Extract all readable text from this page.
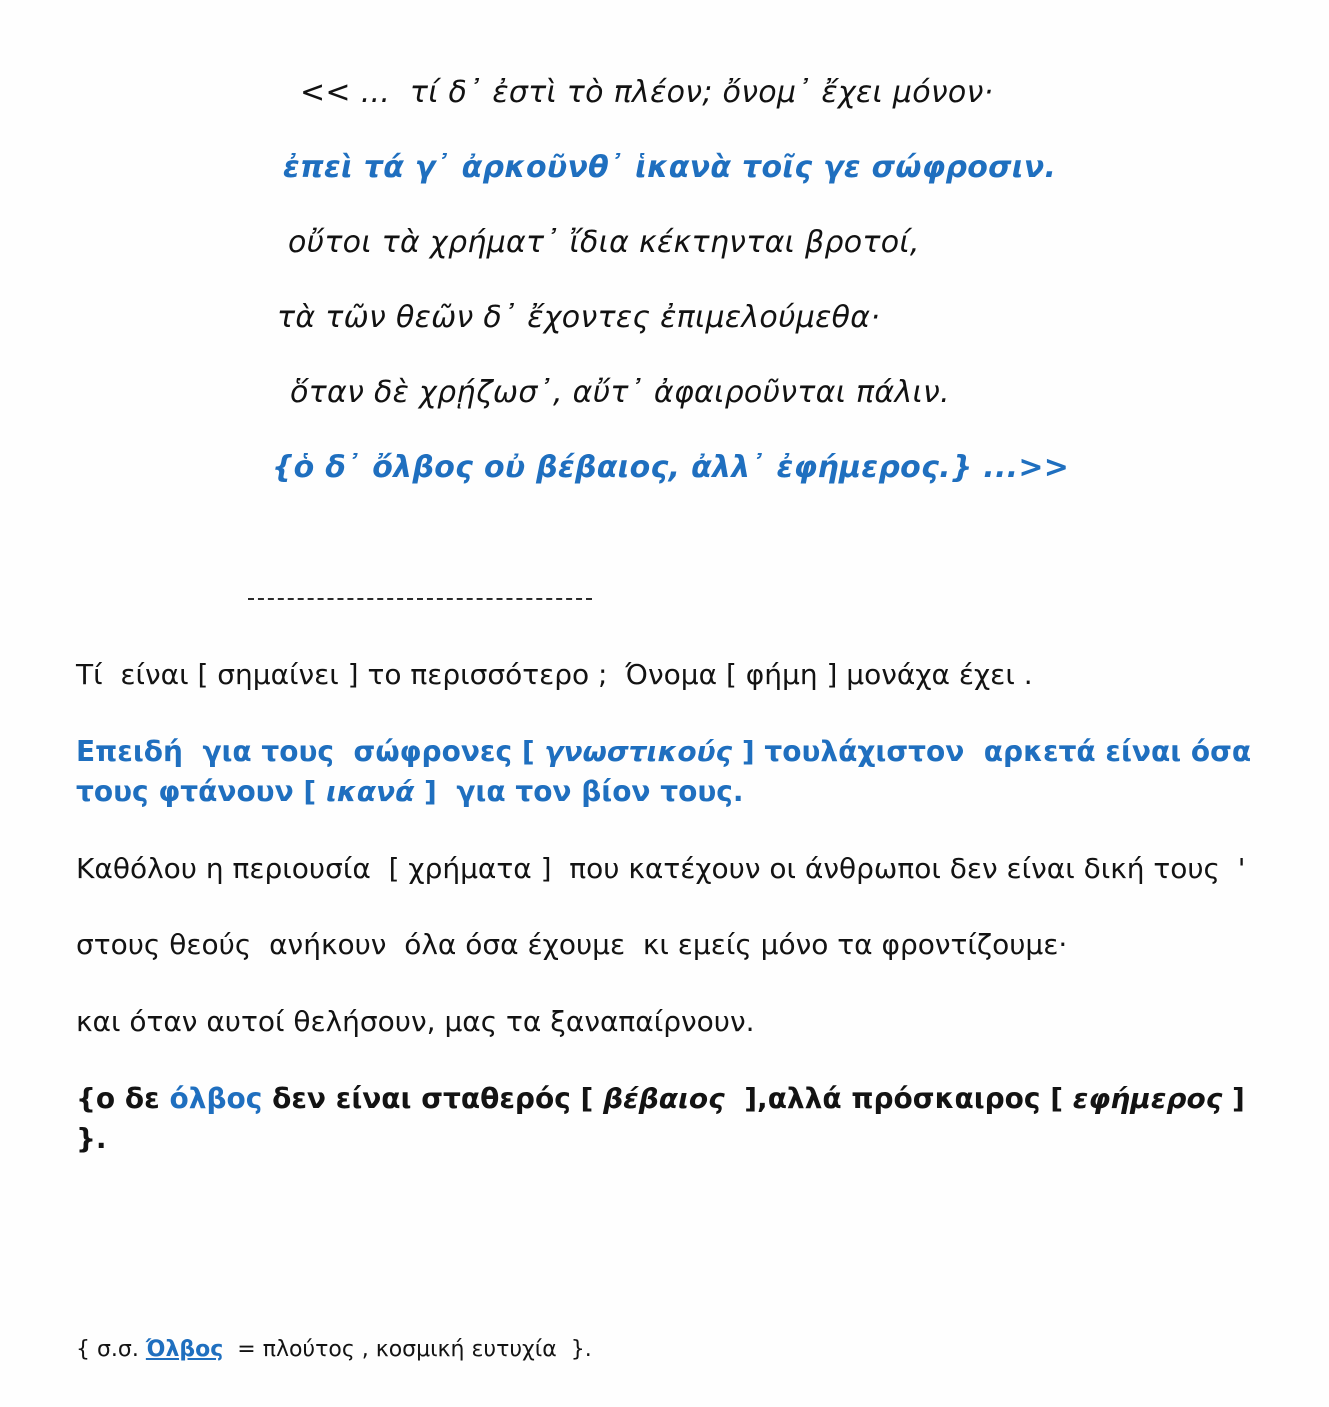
<< ...  τί δ᾽ ἐστὶ τὸ πλέον; ὄνομ᾽ ἔχει μόνον·

ἐπεὶ τά γ᾽ ἀρκοῦνθ᾽ ἱκανὰ τοῖς γε σώφροσιν.

οὔτοι τὰ χρήματ᾽ ἴδια κέκτηνται βροτοί,

τὰ τῶν θεῶν δ᾽ ἔχοντες ἐπιμελούμεθα·

ὅταν δὲ χρῄζωσ᾽, αὔτ᾽ ἀφαιροῦνται πάλιν.

{ὁ δ᾽ ὄλβος οὐ βέβαιος, ἀλλ᾽ ἐφήμερος.} ...>>

Τί  είναι [ σημαίνει ] το περισσότερο ;  Όνομα [ φήμη ] μονάχα έχει .

Επειδή  για τους  σώφρονες [ γνωστικούς ] τουλάχιστον  αρκετά είναι όσα τους φτάνουν [ ικανά ]  για τον βίον τους.

Καθόλου η περιουσία  [ χρήματα ]  που κατέχουν οι άνθρωποι δεν είναι δική τους  '

στους θεούς  ανήκουν  όλα όσα έχουμε  κι εμείς μόνο τα φροντίζουμε·

και όταν αυτοί θελήσουν, μας τα ξαναπαίρνουν.

{ο δε όλβος δεν είναι σταθερός [ βέβαιος  ],αλλά πρόσκαιρος [ εφήμερος ] }.

{ σ.σ. Όλβος  = πλούτος , κοσμική ευτυχία  }.
